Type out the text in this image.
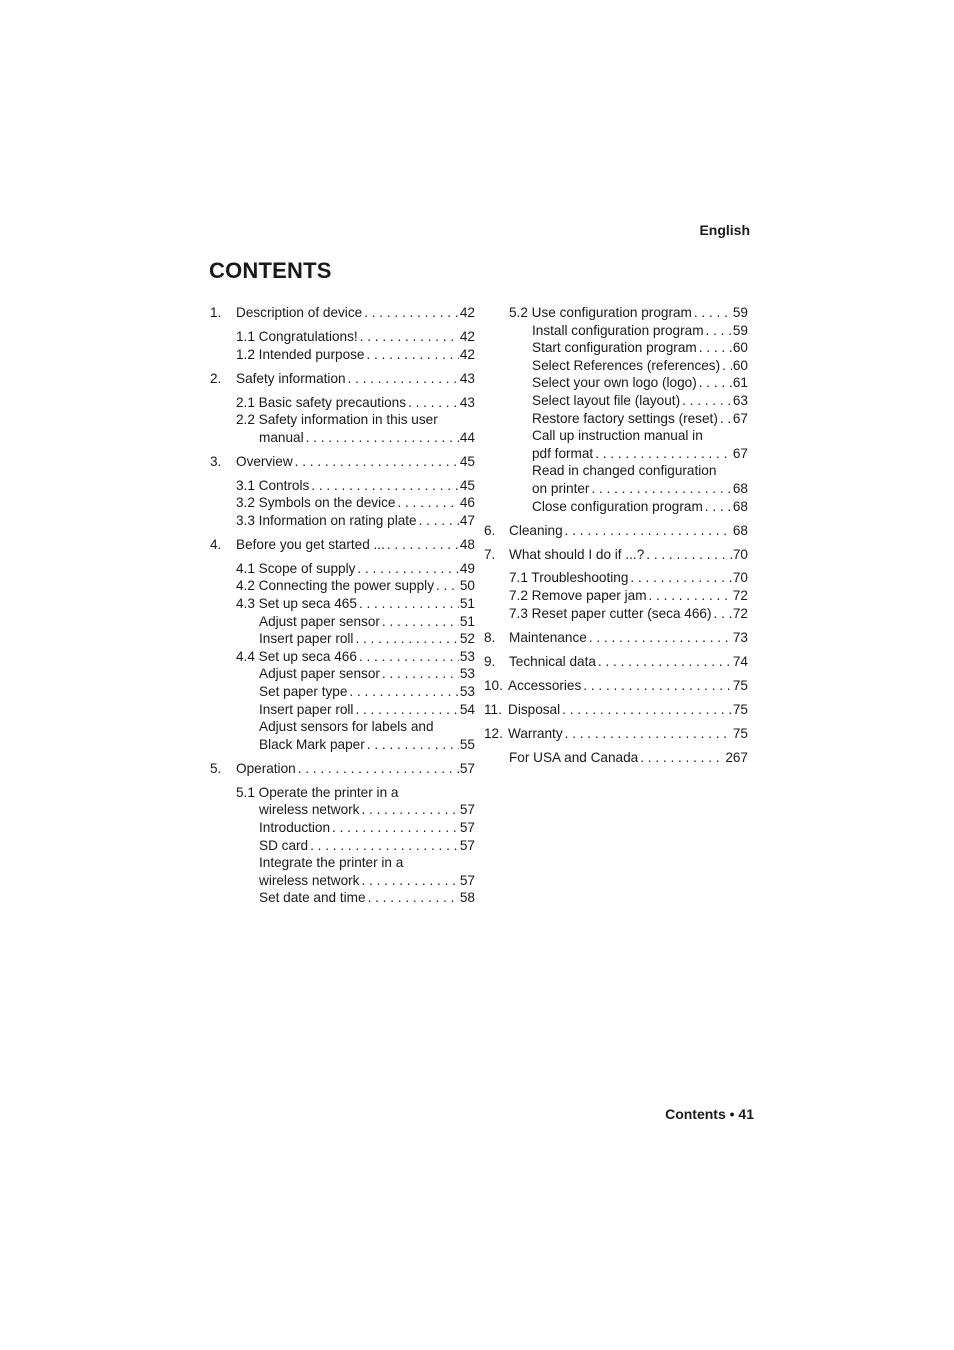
English
CONTENTS
1.	Description of device . . .	42
1.1 Congratulations! . . .	42
1.2 Intended purpose . . .	42
2.	Safety information . . .	43
2.1 Basic safety precautions . . .	43
2.2 Safety information in this user
manual . . .	44
3.	Overview . . .	45
3.1 Controls . . .	45
3.2 Symbols on the device . . .	46
3.3 Information on rating plate . . .	47
4.	Before you get started ... . . .	48
4.1 Scope of supply . . .	49
4.2 Connecting the power supply . . . 50
4.3 Set up seca 465 . . .	51
Adjust paper sensor . . .	51
Insert paper roll . . .	52
4.4 Set up seca 466 . . .	53
Adjust paper sensor . . .	53
Set paper type . . .	53
Insert paper roll . . .	54
Adjust sensors for labels and
Black Mark paper . . .	55
5.	Operation . . .	57
5.1 Operate the printer in a
wireless network . . .	57
Introduction . . .	57
SD card . . .	57
Integrate the printer in a
wireless network . . .	57
Set date and time . . .	58
5.2 Use configuration program . . .	59
Install configuration program . . . 59
Start configuration program . . .	60
Select References (references) . . . 60
Select your own logo (logo) . . .	61
Select layout file (layout) . . .	63
Restore factory settings (reset) . . . 67
Call up instruction manual in
pdf format . . .	67
Read in changed configuration
on printer . . .	68
Close configuration program . . . 68
6.	Cleaning . . .	68
7.	What should I do if ...? . . .	70
7.1 Troubleshooting . . .	70
7.2 Remove paper jam . . .	72
7.3 Reset paper cutter (seca 466) . . . 72
8.	Maintenance . . .	73
9.	Technical data . . .	74
10. Accessories . . .	75
11. Disposal . . .	75
12. Warranty . . .	75
For USA and Canada . . .	267
Contents • 41
